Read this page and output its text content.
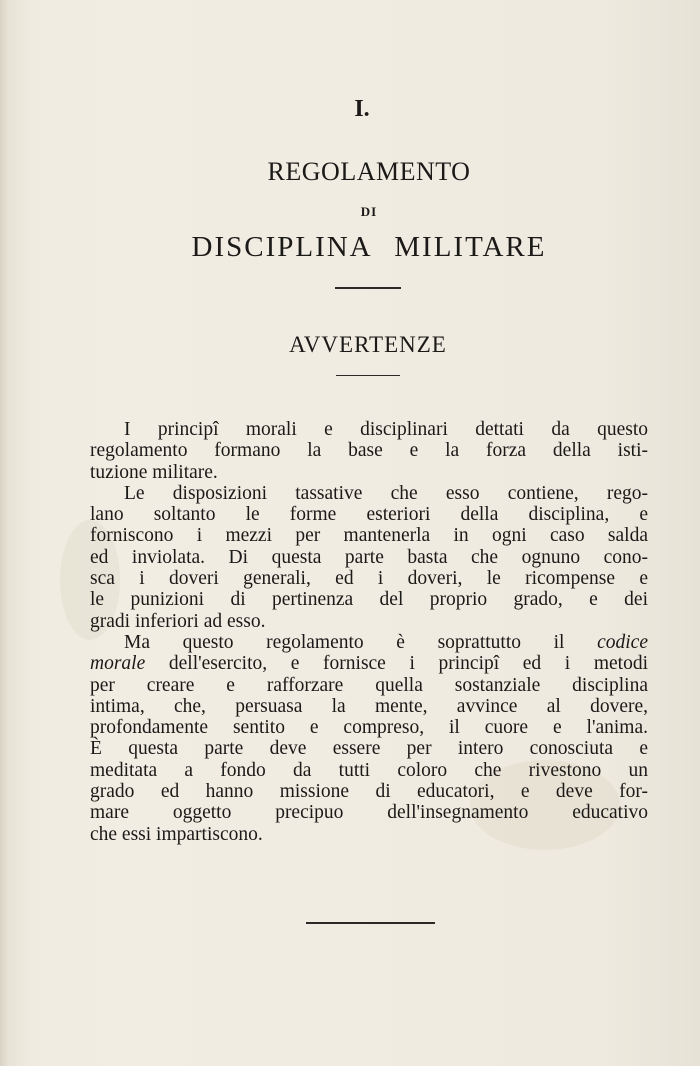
I.
REGOLAMENTO
DI
DISCIPLINA MILITARE
AVVERTENZE
I principî morali e disciplinari dettati da questo
regolamento formano la base e la forza della isti-
tuzione militare.
Le disposizioni tassative che esso contiene, rego-
lano soltanto le forme esteriori della disciplina, e
forniscono i mezzi per mantenerla in ogni caso salda
ed inviolata. Di questa parte basta che ognuno cono-
sca i doveri generali, ed i doveri, le ricompense e
le punizioni di pertinenza del proprio grado, e dei
gradi inferiori ad esso.
Ma questo regolamento è soprattutto il codice
morale dell'esercito, e fornisce i principî ed i metodi
per creare e rafforzare quella sostanziale disciplina
intima, che, persuasa la mente, avvince al dovere,
profondamente sentito e compreso, il cuore e l'anima.
È questa parte deve essere per intero conosciuta e
meditata a fondo da tutti coloro che rivestono un
grado ed hanno missione di educatori, e deve for-
mare oggetto precipuo dell'insegnamento educativo
che essi impartiscono.
